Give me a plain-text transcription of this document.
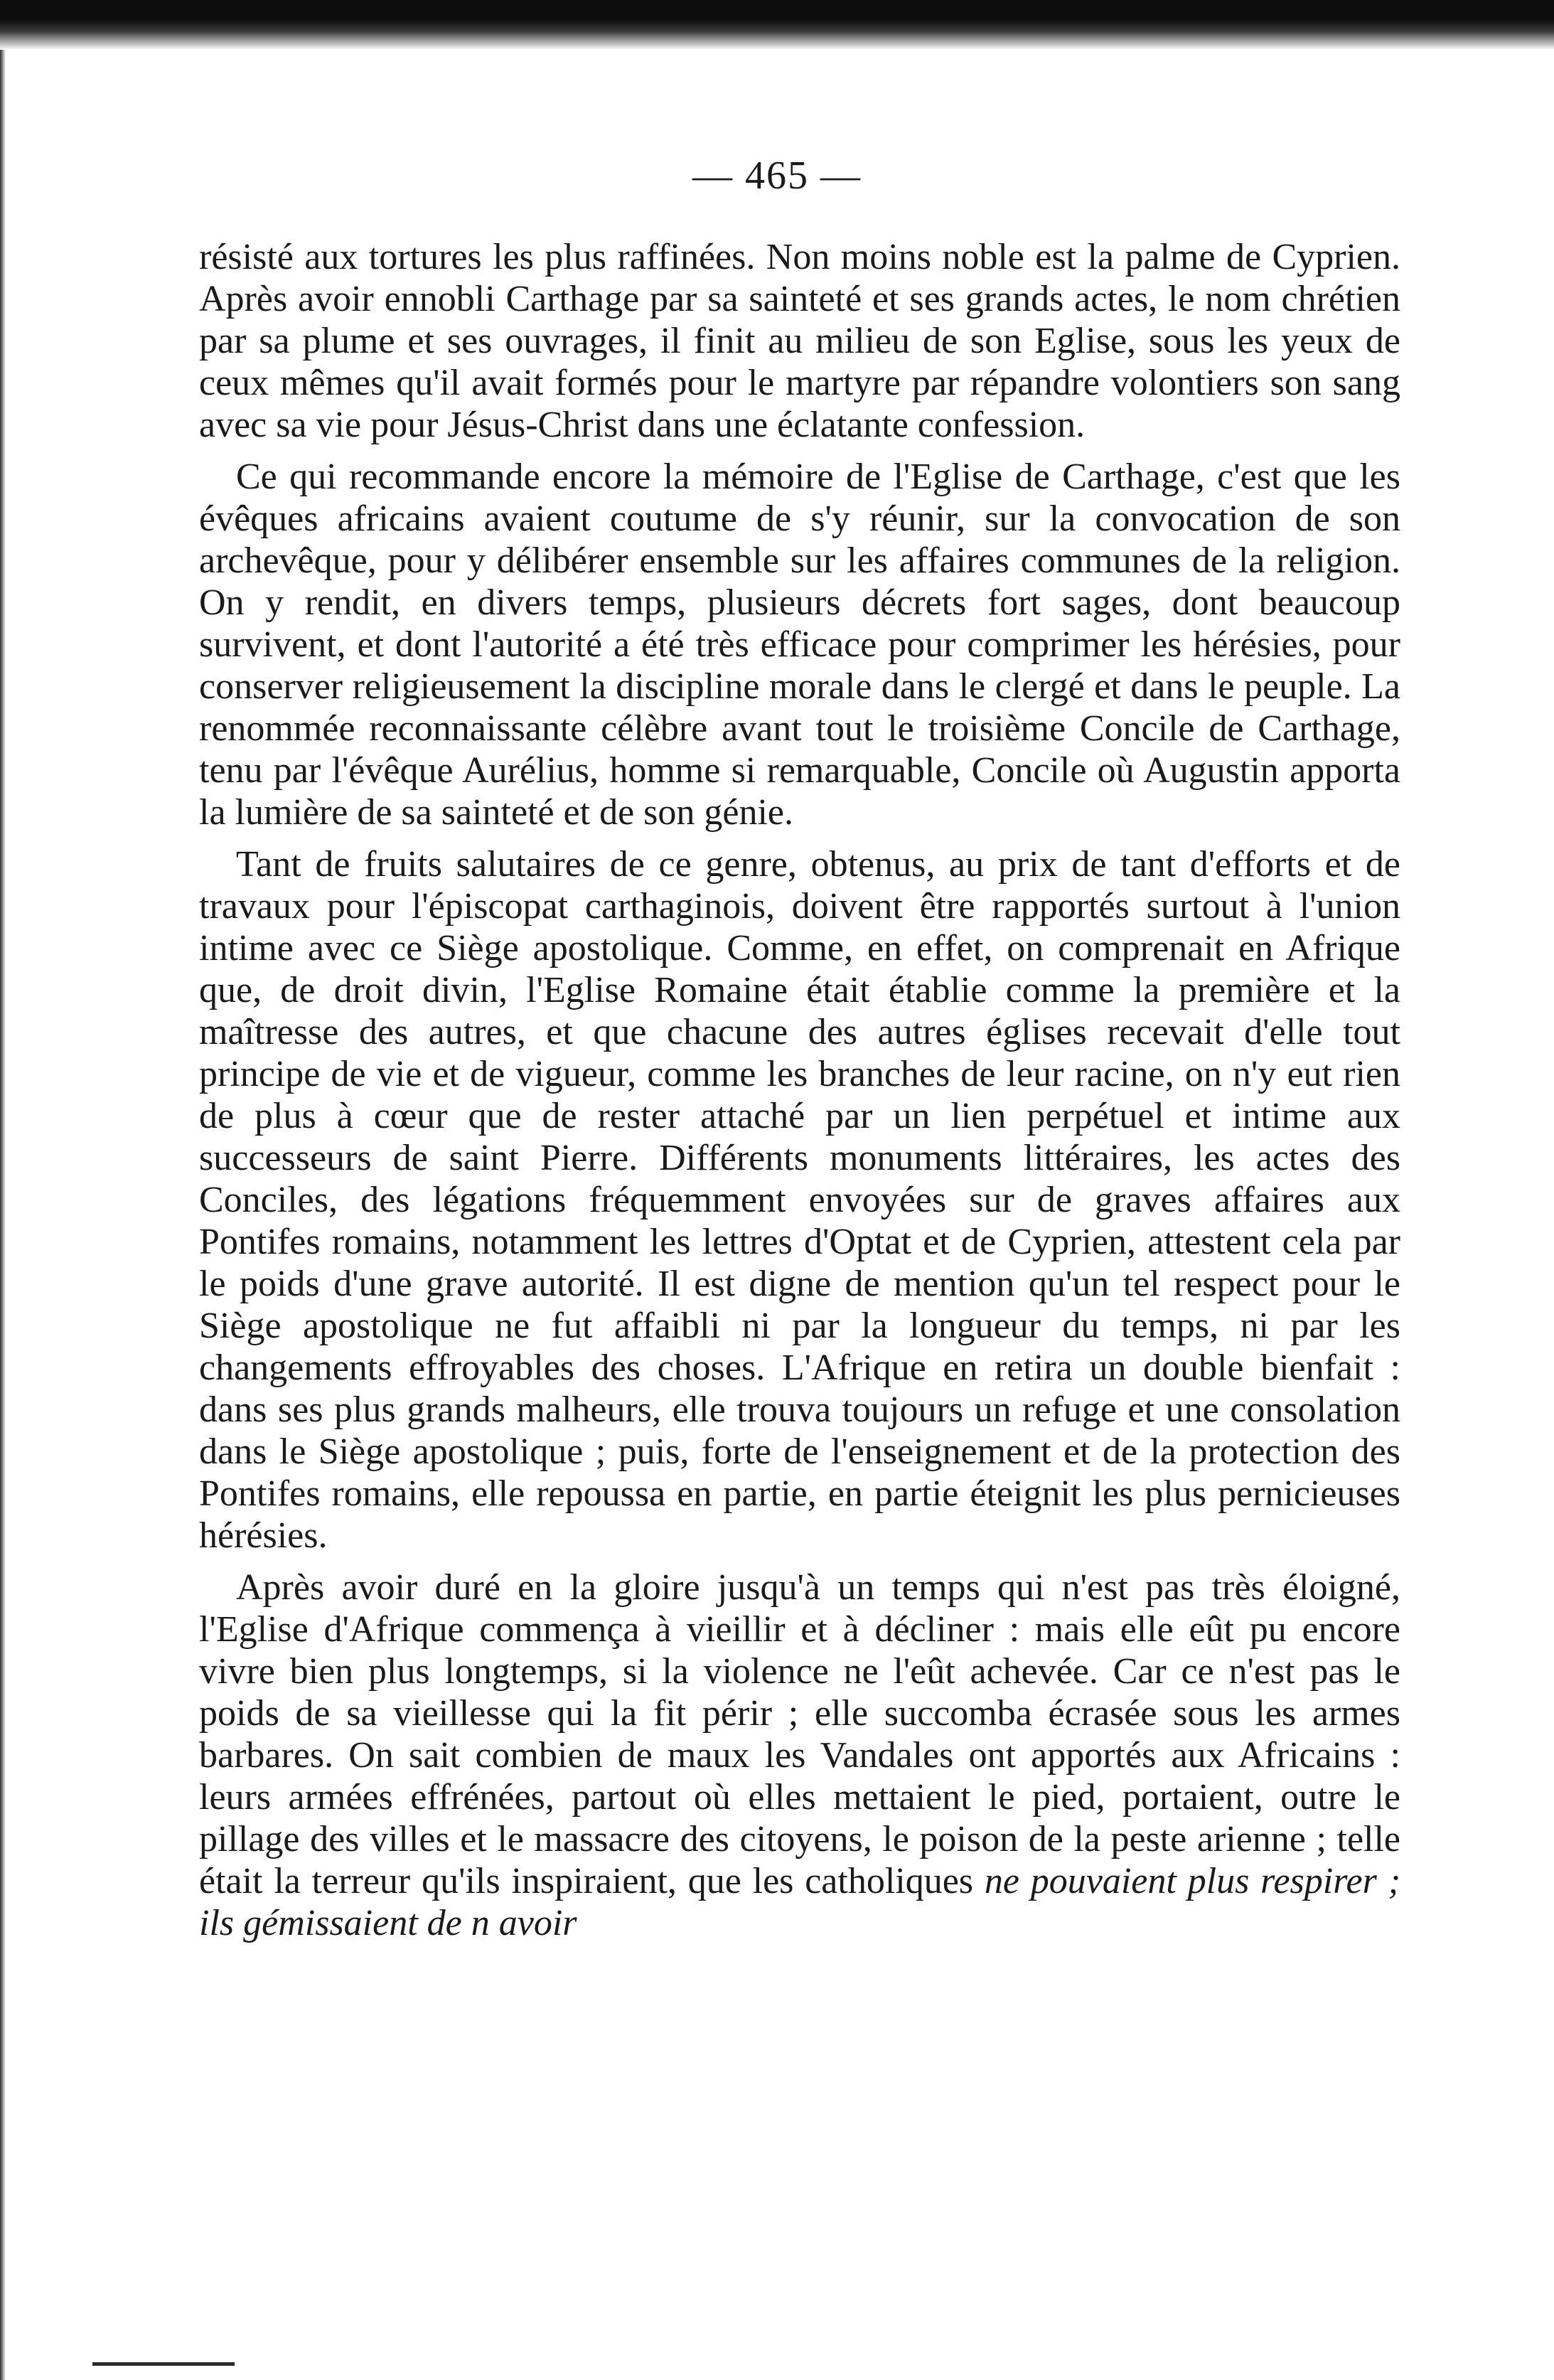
— 465 —

résisté aux tortures les plus raffinées. Non moins noble est la palme de Cyprien. Après avoir ennobli Carthage par sa sainteté et ses grands actes, le nom chrétien par sa plume et ses ouvrages, il finit au milieu de son Eglise, sous les yeux de ceux mêmes qu'il avait formés pour le martyre par répandre volontiers son sang avec sa vie pour Jésus-Christ dans une éclatante confession.

Ce qui recommande encore la mémoire de l'Eglise de Carthage, c'est que les évêques africains avaient coutume de s'y réunir, sur la convocation de son archevêque, pour y délibérer ensemble sur les affaires communes de la religion. On y rendit, en divers temps, plusieurs décrets fort sages, dont beaucoup survivent, et dont l'autorité a été très efficace pour comprimer les hérésies, pour conserver religieusement la discipline morale dans le clergé et dans le peuple. La renommée reconnaissante célèbre avant tout le troisième Concile de Carthage, tenu par l'évêque Aurélius, homme si remarquable, Concile où Augustin apporta la lumière de sa sainteté et de son génie.

Tant de fruits salutaires de ce genre, obtenus, au prix de tant d'efforts et de travaux pour l'épiscopat carthaginois, doivent être rapportés surtout à l'union intime avec ce Siège apostolique. Comme, en effet, on comprenait en Afrique que, de droit divin, l'Eglise Romaine était établie comme la première et la maîtresse des autres, et que chacune des autres églises recevait d'elle tout principe de vie et de vigueur, comme les branches de leur racine, on n'y eut rien de plus à cœur que de rester attaché par un lien perpétuel et intime aux successeurs de saint Pierre. Différents monuments littéraires, les actes des Conciles, des légations fréquemment envoyées sur de graves affaires aux Pontifes romains, notamment les lettres d'Optat et de Cyprien, attestent cela par le poids d'une grave autorité. Il est digne de mention qu'un tel respect pour le Siège apostolique ne fut affaibli ni par la longueur du temps, ni par les changements effroyables des choses. L'Afrique en retira un double bienfait : dans ses plus grands malheurs, elle trouva toujours un refuge et une consolation dans le Siège apostolique ; puis, forte de l'enseignement et de la protection des Pontifes romains, elle repoussa en partie, en partie éteignit les plus pernicieuses hérésies.

Après avoir duré en la gloire jusqu'à un temps qui n'est pas très éloigné, l'Eglise d'Afrique commença à vieillir et à décliner : mais elle eût pu encore vivre bien plus longtemps, si la violence ne l'eût achevée. Car ce n'est pas le poids de sa vieillesse qui la fit périr ; elle succomba écrasée sous les armes barbares. On sait combien de maux les Vandales ont apportés aux Africains : leurs armées effrénées, partout où elles mettaient le pied, portaient, outre le pillage des villes et le massacre des citoyens, le poison de la peste arienne ; telle était la terreur qu'ils inspiraient, que les catholiques ne pouvaient plus respirer ; ils gémissaient de n avoir
